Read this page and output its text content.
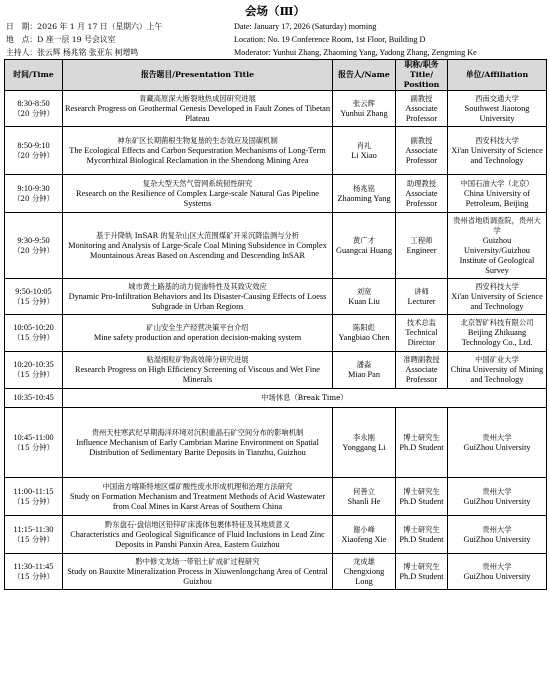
会场（Ⅲ）
日　期：2026 年 1 月 17 日（星期六）上午
地　点：D 座一层 19 号会议室
主持人：张云辉 杨兆铭 张亚东 柯增鸣
Date: January 17, 2026 (Saturday) morning
Location: No. 19 Conference Room, 1st Floor, Building D
Moderator: Yunhui Zhang, Zhaoming Yang, Yadong Zhang, Zengming Ke
时间/Time	报告题目/Presentation Title	报告人/Name	职称/职务 Title/ Position	单位/Affiliation

8:30-8:50
（20 分钟）	青藏高原深大断裂地热成因研究进展
Research Progress on Geothermal Genesis Developed in Fault Zones of Tibetan Plateau	张云辉
Yunhui Zhang	副教授
Associate Professor	西南交通大学
Southwest Jiaotong University

8:50-9:10
（20 分钟）	神东矿区长期菌根生物复垦的生态效应及固碳机制
The Ecological Effects and Carbon Sequestration Mechanisms of Long-Term Mycorrhizal Biological Reclamation in the Shendong Mining Area	肖礼
Li Xiao	副教授
Associate Professor	西安科技大学
Xi'an University of Science and Technology

9:10-9:30
（20 分钟）	复杂大型天然气管网系统韧性研究
Research on the Resilience of Complex Large-scale Natural Gas Pipeline Systems	杨兆铭
Zhaoming Yang	助理教授
Associate Professor	中国石油大学（北京）
China University of Petroleum, Beijing

9:30-9:50
（20 分钟）	基于升降轨 InSAR 的复杂山区大范围煤矿开采沉降监测与分析
Monitoring and Analysis of Large-Scale Coal Mining Subsidence in Complex Mountainous Areas Based on Ascending and Descending InSAR	黄广才
Guangcai Huang	工程师
Engineer	贵州省地质调查院，贵州大学
Guizhou University/Guizhou Institute of Geological Survey

9:50-10:05
（15 分钟）	城市黄土路基的动力促渗特性及其致灾效应
Dynamic Pro-Infiltration Behaviors and Its Disaster-Causing Effects of Loess Subgrade in Urban Regions	刘宽
Kuan Liu	讲师
Lecturer	西安科技大学
Xi'an University of Science and Technology

10:05-10:20
（15 分钟）	矿山安全生产经营决策平台介绍
Mine safety production and operation decision-making system	陈阳彪
Yangbiao Chen	技术总监
Technical Director	北京智矿科技有限公司
Beijing Zhikuang Technology Co., Ltd.

10:20-10:35
（15 分钟）	粘湿细粒矿物高效筛分研究进展
Research Progress on High Efficiency Screening of Viscous and Wet Fine Minerals	潘淼
Miao Pan	准聘副教授
Associate Professor	中国矿业大学
China University of Mining and Technology

10:35-10:45	中场休息（Break Time）			

10:45-11:00
（15 分钟）	贵州天柱寒武纪早期海洋环境对沉积重晶石矿空间分布的影响机制
Influence Mechanism of Early Cambrian Marine Environment on Spatial Distribution of Sedimentary Barite Deposits in Tianzhu, Guizhou	李永刚
Yonggang Li	博士研究生
Ph.D Student	贵州大学
GuiZhou University

11:00-11:15
（15 分钟）	中国南方喀斯特地区煤矿酸性废水形成机理和治理方法研究
Study on Formation Mechanism and Treatment Methods of Acid Wastewater from Coal Mines in Karst Areas of Southern China	何善立
Shanli He	博士研究生
Ph.D Student	贵州大学
GuiZhou University

11:15-11:30
（15 分钟）	黔东盘石-盘信地区铅锌矿床流体包裹体特征及其地质意义
Characteristics and Geological Significance of Fluid Inclusions in Lead Zinc Deposits in Panshi Panxin Area, Eastern Guizhou	谢小峰
Xiaofeng Xie	博士研究生
Ph.D Student	贵州大学
GuiZhou University

11:30-11:45
（15 分钟）	黔中修文龙场一带铝土矿成矿过程研究
Study on Bauxite Mineralization Process in Xiuwenlongchang Area of Central Guizhou	龙成雄
Chengxiong Long	博士研究生
Ph.D Student	贵州大学
GuiZhou University
